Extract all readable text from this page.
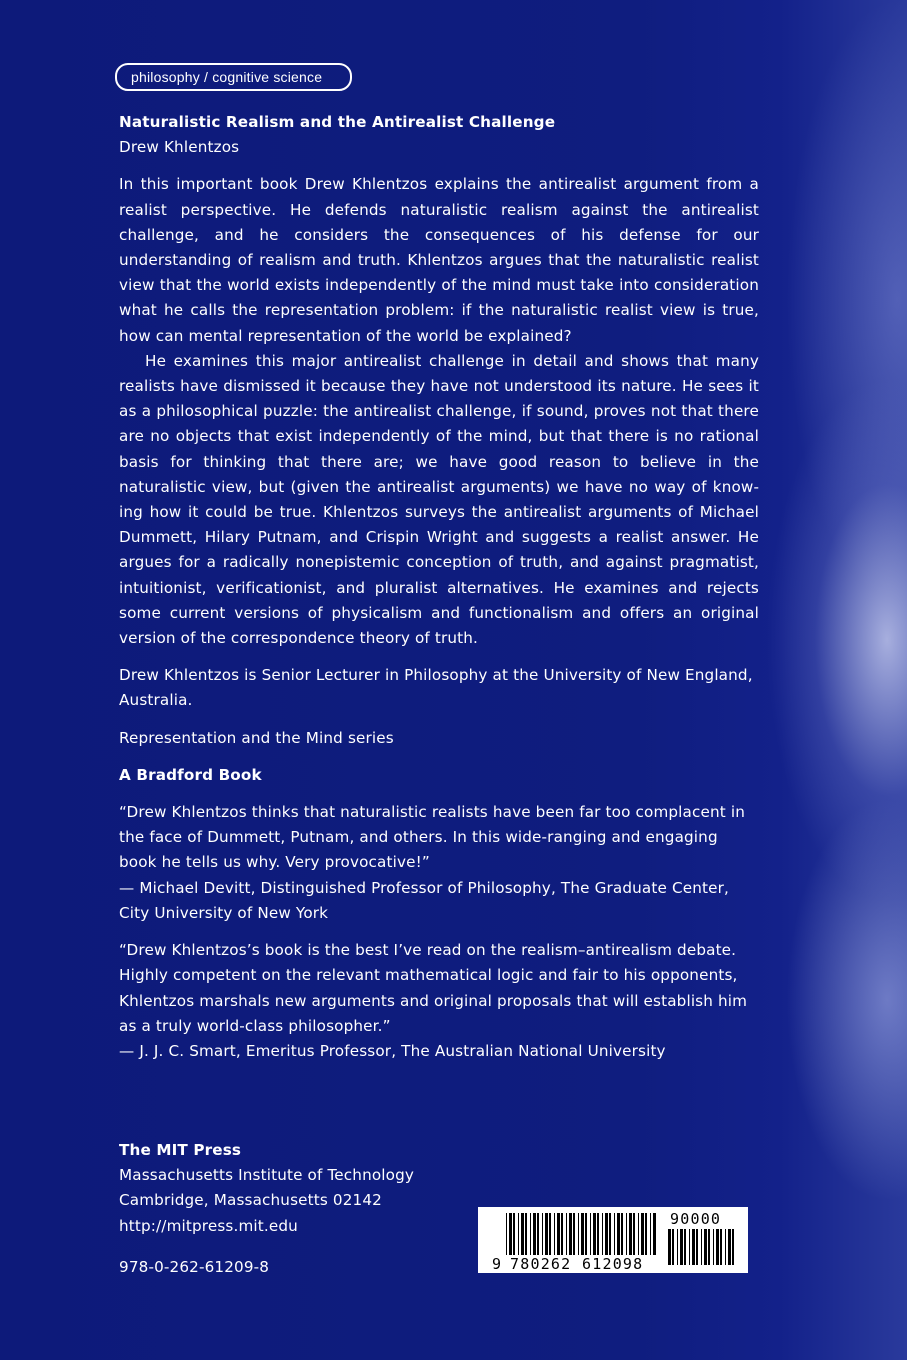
philosophy / cognitive science

Naturalistic Realism and the Antirealist Challenge

Drew Khlentzos

In this important book Drew Khlentzos explains the antirealist argument from a realist perspective. He defends naturalistic realism against the antirealist challenge, and he considers the consequences of his defense for our understanding of realism and truth. Khlentzos argues that the naturalistic realist view that the world exists independently of the mind must take into consideration what he calls the representation problem: if the naturalistic realist view is true, how can mental representation of the world be explained?

He examines this major antirealist challenge in detail and shows that many realists have dismissed it because they have not understood its nature. He sees it as a philosophical puzzle: the antirealist challenge, if sound, proves not that there are no objects that exist independently of the mind, but that there is no rational basis for thinking that there are; we have good reason to believe in the naturalistic view, but (given the antirealist arguments) we have no way of knowing how it could be true. Khlentzos surveys the antirealist arguments of Michael Dummett, Hilary Putnam, and Crispin Wright and suggests a realist answer. He argues for a radically nonepistemic conception of truth, and against pragmatist, intuitionist, verificationist, and pluralist alternatives. He examines and rejects some current versions of physicalism and functionalism and offers an original version of the correspondence theory of truth.

Drew Khlentzos is Senior Lecturer in Philosophy at the University of New England, Australia.

Representation and the Mind series

A Bradford Book

“Drew Khlentzos thinks that naturalistic realists have been far too complacent in the face of Dummett, Putnam, and others. In this wide-ranging and engaging book he tells us why. Very provocative!”

— Michael Devitt, Distinguished Professor of Philosophy, The Graduate Center,

City University of New York

“Drew Khlentzos’s book is the best I’ve read on the realism–antirealism debate. Highly competent on the relevant mathematical logic and fair to his opponents, Khlentzos marshals new arguments and original proposals that will establish him as a truly world-class philosopher.”

— J. J. C. Smart, Emeritus Professor, The Australian National University

The MIT Press

Massachusetts Institute of Technology

Cambridge, Massachusetts 02142

http://mitpress.mit.edu

978-0-262-61209-8	9 780262 612098
90000
